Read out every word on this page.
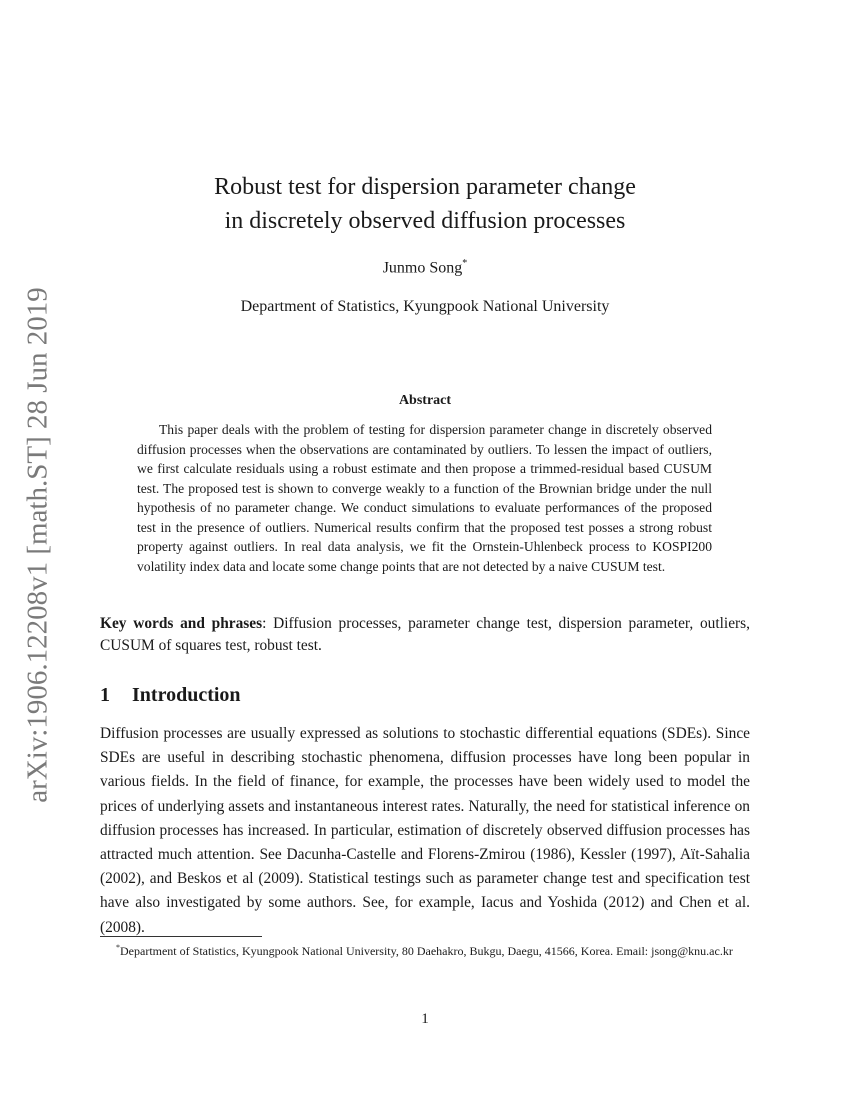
arXiv:1906.12208v1 [math.ST] 28 Jun 2019
Robust test for dispersion parameter change
in discretely observed diffusion processes
Junmo Song*
Department of Statistics, Kyungpook National University
Abstract

This paper deals with the problem of testing for dispersion parameter change in discretely observed diffusion processes when the observations are contaminated by outliers. To lessen the impact of outliers, we first calculate residuals using a robust estimate and then propose a trimmed-residual based CUSUM test. The proposed test is shown to converge weakly to a function of the Brownian bridge under the null hypothesis of no parameter change. We conduct simulations to evaluate performances of the proposed test in the presence of outliers. Numerical results confirm that the proposed test posses a strong robust property against outliers. In real data analysis, we fit the Ornstein-Uhlenbeck process to KOSPI200 volatility index data and locate some change points that are not detected by a naive CUSUM test.

Key words and phrases: Diffusion processes, parameter change test, dispersion parameter, outliers, CUSUM of squares test, robust test.

1 Introduction

Diffusion processes are usually expressed as solutions to stochastic differential equations (SDEs). Since SDEs are useful in describing stochastic phenomena, diffusion processes have long been popular in various fields. In the field of finance, for example, the processes have been widely used to model the prices of underlying assets and instantaneous interest rates. Naturally, the need for statistical inference on diffusion processes has increased. In particular, estimation of discretely observed diffusion processes has attracted much attention. See Dacunha-Castelle and Florens-Zmirou (1986), Kessler (1997), Aït-Sahalia (2002), and Beskos et al (2009). Statistical testings such as parameter change test and specification test have also investigated by some authors. See, for example, Iacus and Yoshida (2012) and Chen et al. (2008).

*Department of Statistics, Kyungpook National University, 80 Daehakro, Bukgu, Daegu, 41566, Korea. Email: jsong@knu.ac.kr

1
